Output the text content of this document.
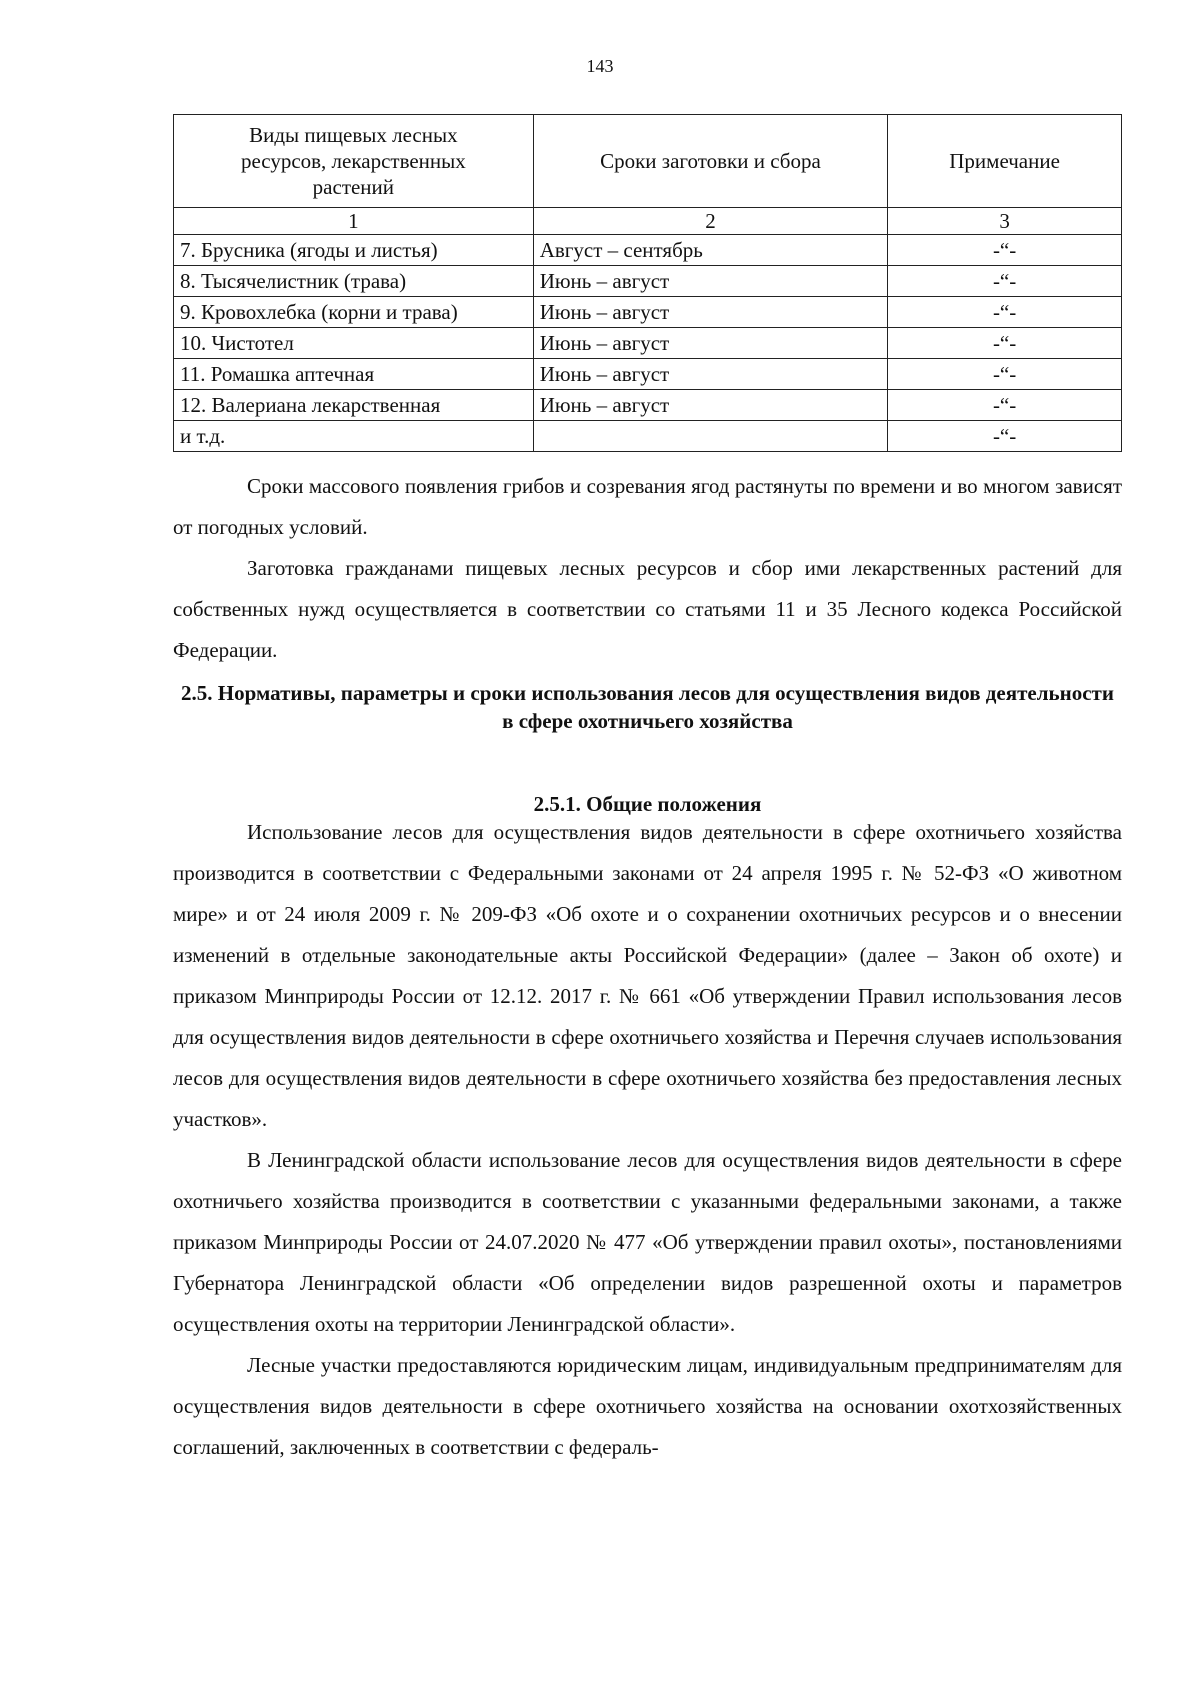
143
Виды пищевых лесных ресурсов, лекарственных растений	Сроки заготовки и сбора	Примечание
1	2	3
7. Брусника (ягоды и листья)	Август – сентябрь	-“-
8. Тысячелистник (трава)	Июнь – август	-“-
9. Кровохлебка (корни и трава)	Июнь – август	-“-
10. Чистотел	Июнь – август	-“-
11. Ромашка аптечная	Июнь – август	-“-
12. Валериана лекарственная	Июнь – август	-“-
и т.д.		-“-

Сроки массового появления грибов и созревания ягод растянуты по времени и во многом зависят от погодных условий.

Заготовка гражданами пищевых лесных ресурсов и сбор ими лекарственных растений для собственных нужд осуществляется в соответствии со статьями 11 и 35 Лесного кодекса Российской Федерации.

2.5. Нормативы, параметры и сроки использования лесов для осуществления видов деятельности в сфере охотничьего хозяйства
2.5.1. Общие положения

Использование лесов для осуществления видов деятельности в сфере охотничьего хозяйства производится в соответствии с Федеральными законами от 24 апреля 1995 г. № 52-ФЗ «О животном мире» и от 24 июля 2009 г. № 209-ФЗ «Об охоте и о сохранении охотничьих ресурсов и о внесении изменений в отдельные законодательные акты Российской Федерации» (далее – Закон об охоте) и приказом Минприроды России от 12.12. 2017 г. № 661 «Об утверждении Правил использования лесов для осуществления видов деятельности в сфере охотничьего хозяйства и Перечня случаев использования лесов для осуществления видов деятельности в сфере охотничьего хозяйства без предоставления лесных участков».

В Ленинградской области использование лесов для осуществления видов деятельности в сфере охотничьего хозяйства производится в соответствии с указанными федеральными законами, а также приказом Минприроды России от 24.07.2020 № 477 «Об утверждении правил охоты», постановлениями Губернатора Ленинградской области «Об определении видов разрешенной охоты и параметров осуществления охоты на территории Ленинградской области».

Лесные участки предоставляются юридическим лицам, индивидуальным предпринимателям для осуществления видов деятельности в сфере охотничьего хозяйства на основании охотхозяйственных соглашений, заключенных в соответствии с федераль-
